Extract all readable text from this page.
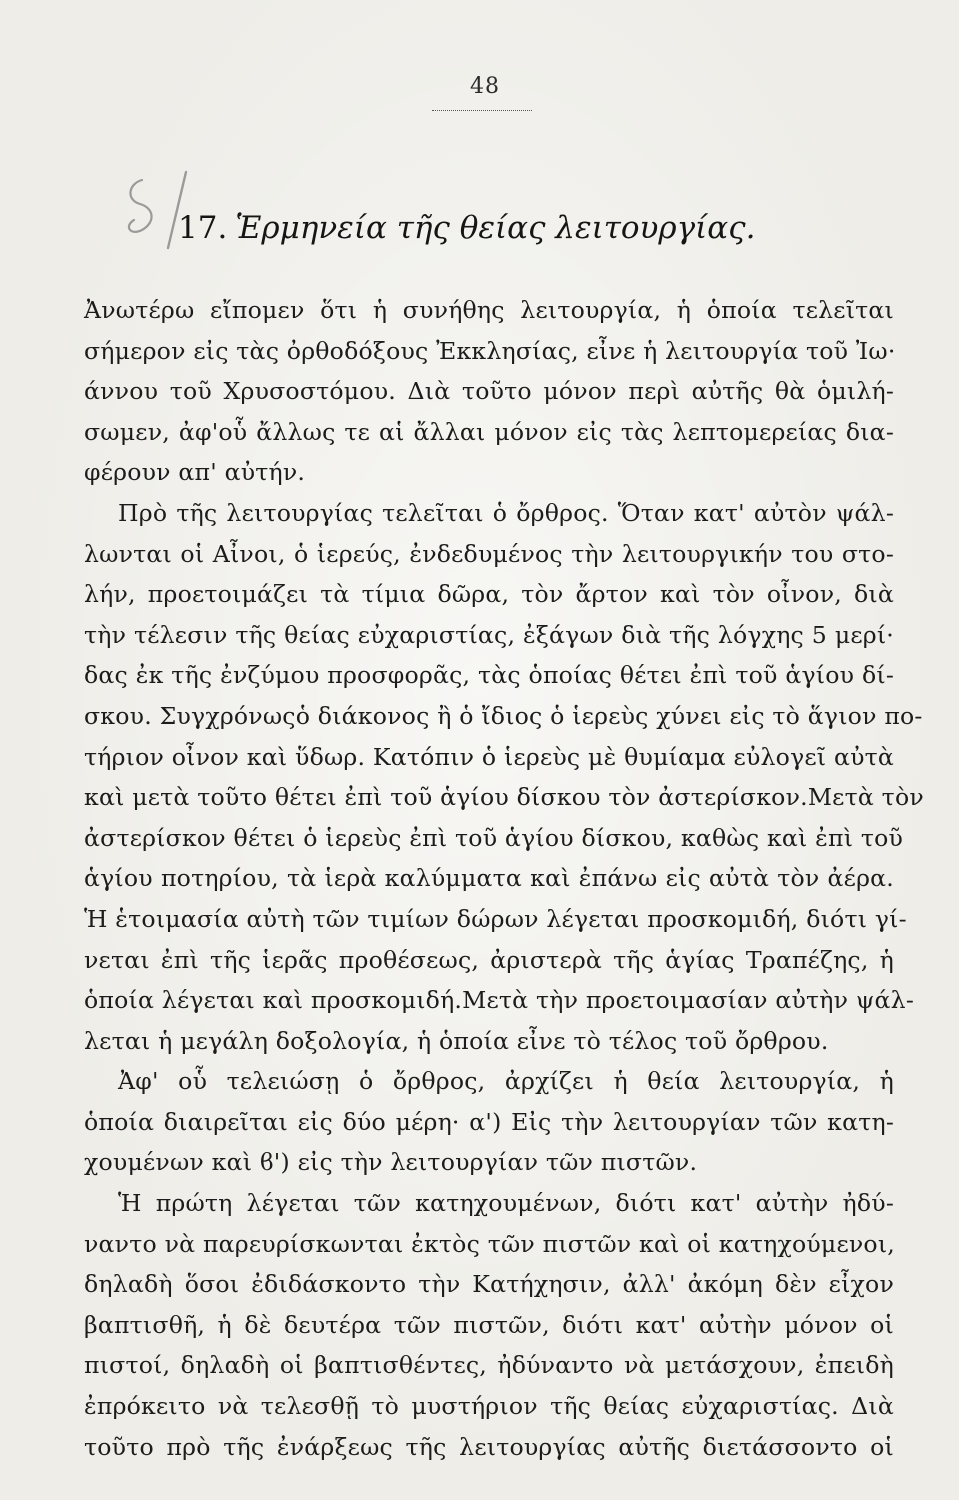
48
17. Ἑρμηνεία τῆς θείας λειτουργίας.
Ἀνωτέρω εἴπομεν ὅτι ἡ συνήθης λειτουργία, ἡ ὁποία τελεῖται
σήμερον εἰς τὰς ὀρθοδόξους Ἐκκλησίας, εἶνε ἡ λειτουργία τοῦ Ἰω·
άννου τοῦ Χρυσοστόμου. Διὰ τοῦτο μόνον περὶ αὐτῆς θὰ ὁμιλή-
σωμεν, ἀφ'οὗ ἄλλως τε αἱ ἄλλαι μόνον εἰς τὰς λεπτομερείας δια-
φέρουν απ' αὐτήν.
Πρὸ τῆς λειτουργίας τελεῖται ὁ ὄρθρος. Ὅταν κατ' αὐτὸν ψάλ-
λωνται οἱ Αἶνοι, ὁ ἱερεύς, ἐνδεδυμένος τὴν λειτουργικήν του στο-
λήν, προετοιμάζει τὰ τίμια δῶρα, τὸν ἄρτον καὶ τὸν οἶνον, διὰ
τὴν τέλεσιν τῆς θείας εὐχαριστίας, ἐξάγων διὰ τῆς λόγχης 5 μερί·
δας ἐκ τῆς ἐνζύμου προσφορᾶς, τὰς ὁποίας θέτει ἐπὶ τοῦ ἁγίου δί-
σκου. Συγχρόνωςὁ διάκονος ἢ ὁ ἴδιος ὁ ἱερεὺς χύνει εἰς τὸ ἅγιον πο-
τήριον οἶνον καὶ ὕδωρ. Κατόπιν ὁ ἱερεὺς μὲ θυμίαμα εὐλογεῖ αὐτὰ
καὶ μετὰ τοῦτο θέτει ἐπὶ τοῦ ἁγίου δίσκου τὸν ἀστερίσκον.Μετὰ τὸν
ἀστερίσκον θέτει ὁ ἱερεὺς ἐπὶ τοῦ ἁγίου δίσκου, καθὼς καὶ ἐπὶ τοῦ
ἁγίου ποτηρίου, τὰ ἱερὰ καλύμματα καὶ ἐπάνω εἰς αὐτὰ τὸν ἀέρα.
Ἡ ἑτοιμασία αὐτὴ τῶν τιμίων δώρων λέγεται προσκομιδή, διότι γί-
νεται ἐπὶ τῆς ἱερᾶς προθέσεως, ἀριστερὰ τῆς ἁγίας Τραπέζης, ἡ
ὁποία λέγεται καὶ προσκομιδή.Μετὰ τὴν προετοιμασίαν αὐτὴν ψάλ-
λεται ἡ μεγάλη δοξολογία, ἡ ὁποία εἶνε τὸ τέλος τοῦ ὄρθρου.
Ἀφ' οὗ τελειώσῃ ὁ ὄρθρος, ἀρχίζει ἡ θεία λειτουργία, ἡ
ὁποία διαιρεῖται εἰς δύο μέρη· α') Εἰς τὴν λειτουργίαν τῶν κατη-
χουμένων καὶ ϐ') εἰς τὴν λειτουργίαν τῶν πιστῶν.
Ἡ πρώτη λέγεται τῶν κατηχουμένων, διότι κατ' αὐτὴν ἠδύ-
ναντο νὰ παρευρίσκωνται ἐκτὸς τῶν πιστῶν καὶ οἱ κατηχούμενοι,
δηλαδὴ ὅσοι ἐδιδάσκοντο τὴν Κατήχησιν, ἀλλ' ἀκόμη δὲν εἶχον
βαπτισθῆ, ἡ δὲ δευτέρα τῶν πιστῶν, διότι κατ' αὐτὴν μόνον οἱ
πιστοί, δηλαδὴ οἱ βαπτισθέντες, ἠδύναντο νὰ μετάσχουν, ἐπειδὴ
ἐπρόκειτο νὰ τελεσθῇ τὸ μυστήριον τῆς θείας εὐχαριστίας. Διὰ
τοῦτο πρὸ τῆς ἐνάρξεως τῆς λειτουργίας αὐτῆς διετάσσοντο οἱ
